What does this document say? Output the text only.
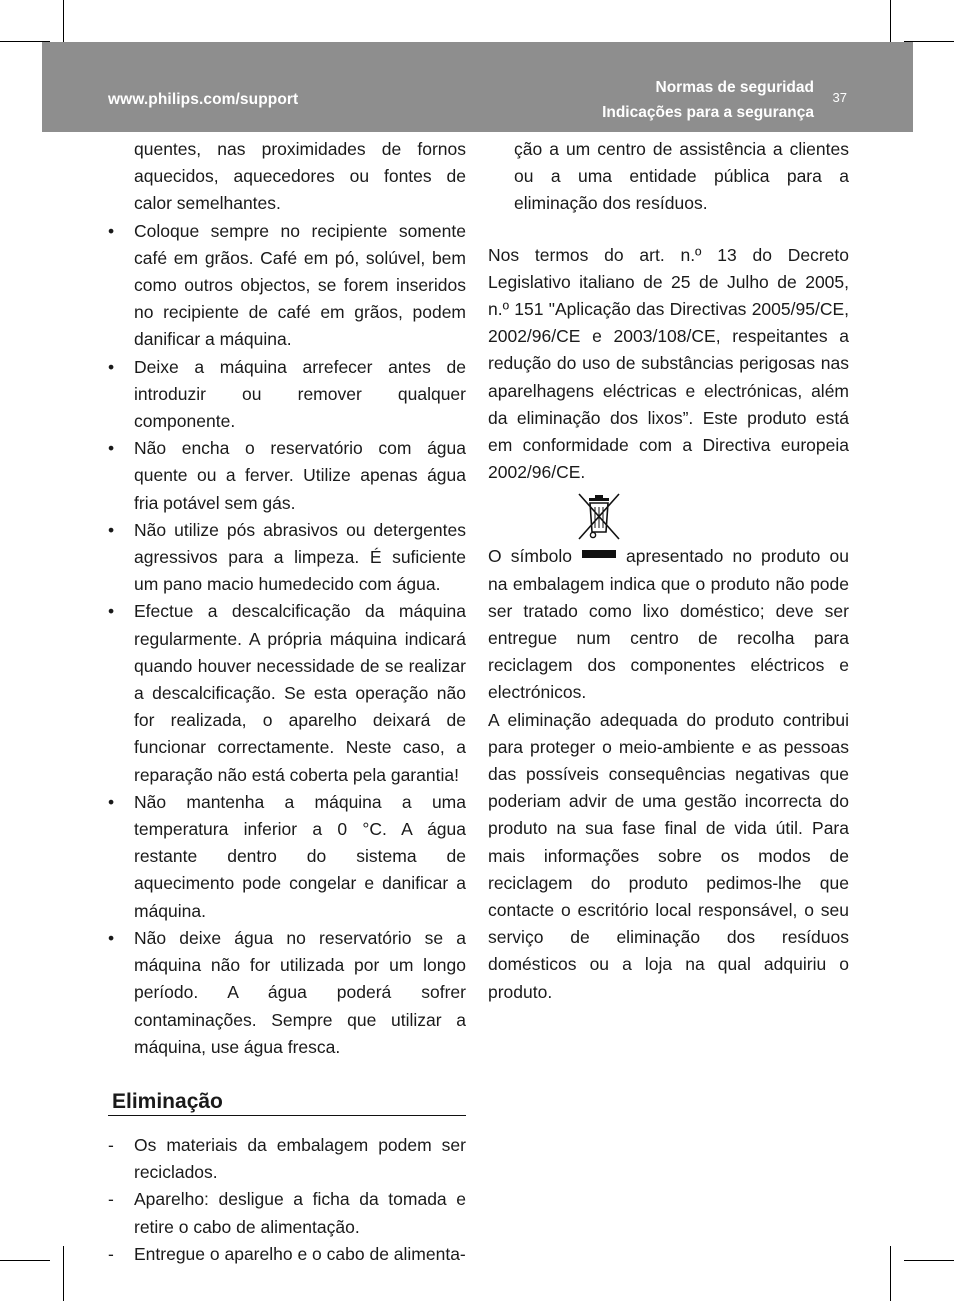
www.philips.com/support
Normas de seguridad
Indicações para a segurança
37

quentes, nas proximidades de fornos aquecidos, aquecedores ou fontes de calor semelhantes.

•	Coloque sempre no recipiente somente café em grãos. Café em pó, solúvel, bem como outros objectos, se forem inseridos no recipiente de café em grãos, podem danificar a máquina.
•	Deixe a máquina arrefecer antes de introduzir ou remover qualquer componente.
•	Não encha o reservatório com água quente ou a ferver. Utilize apenas água fria potável sem gás.
•	Não utilize pós abrasivos ou detergentes agressivos para a limpeza. É suficiente um pano macio humedecido com água.
•	Efectue a descalcificação da máquina regularmente. A própria máquina indicará quando houver necessidade de se realizar a descalcificação. Se esta operação não for realizada, o aparelho deixará de funcionar correctamente. Neste caso, a reparação não está coberta pela garantia!
•	Não mantenha a máquina a uma temperatura inferior a 0 °C. A água restante dentro do sistema de aquecimento pode congelar e danificar a máquina.
•	Não deixe água no reservatório se a máquina não for utilizada por um longo período. A água poderá sofrer contaminações. Sempre que utilizar a máquina, use água fresca.
Eliminação
-	Os materiais da embalagem podem ser reciclados.
-	Aparelho: desligue a ficha da tomada e retire o cabo de alimentação.
-	Entregue o aparelho e o cabo de alimenta-

ção a um centro de assistência a clientes ou a uma entidade pública para a eliminação dos resíduos.

Nos termos do art. n.º 13 do Decreto Legislativo italiano de 25 de Julho de 2005, n.º 151 "Aplicação das Directivas 2005/95/CE, 2002/96/CE e 2003/108/CE, respeitantes a redução do uso de substâncias perigosas nas aparelhagens eléctricas e electrónicas, além da eliminação dos lixos”. Este produto está em conformidade com a Directiva europeia 2002/96/CE.

O símbolo	apresentado no produto ou na embalagem indica que o produto não pode ser tratado como lixo doméstico; deve ser entregue num centro de recolha para reciclagem dos componentes eléctricos e electrónicos.

A eliminação adequada do produto contribui para proteger o meio-ambiente e as pessoas das possíveis consequências negativas que poderiam advir de uma gestão incorrecta do produto na sua fase final de vida útil. Para mais informações sobre os modos de reciclagem do produto pedimos-lhe que contacte o escritório local responsável, o seu serviço de eliminação dos resíduos domésticos ou a loja na qual adquiriu o produto.
